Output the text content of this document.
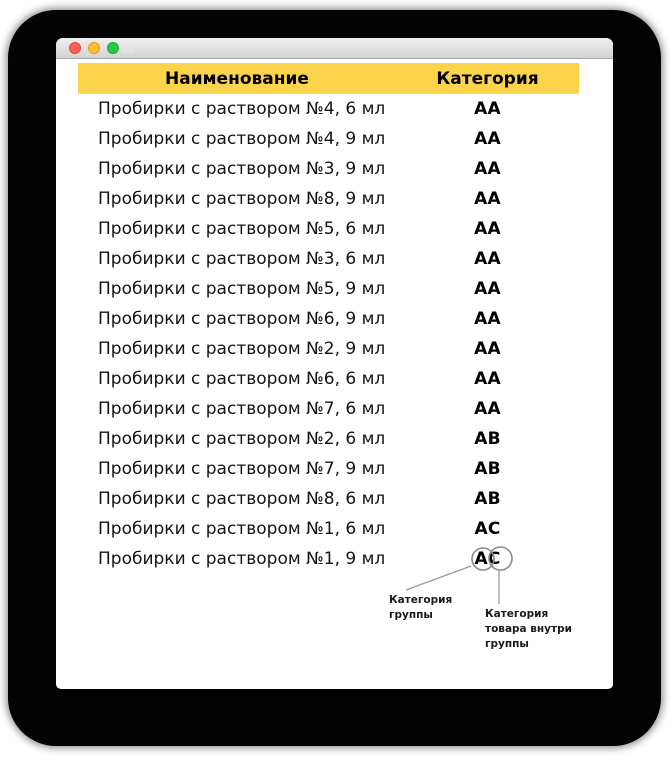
Наименование	Категория
Пробирки с раствором №4, 6 мл	АА
Пробирки с раствором №4, 9 мл	АА
Пробирки с раствором №3, 9 мл	АА
Пробирки с раствором №8, 9 мл	АА
Пробирки с раствором №5, 6 мл	АА
Пробирки с раствором №3, 6 мл	АА
Пробирки с раствором №5, 9 мл	АА
Пробирки с раствором №6, 9 мл	АА
Пробирки с раствором №2, 9 мл	АА
Пробирки с раствором №6, 6 мл	АА
Пробирки с раствором №7, 6 мл	АА
Пробирки с раствором №2, 6 мл	АВ
Пробирки с раствором №7, 9 мл	АВ
Пробирки с раствором №8, 6 мл	АВ
Пробирки с раствором №1, 6 мл	АС
Пробирки с раствором №1, 9 мл	А С
Категория
группы	Категория
товара внутри
группы
